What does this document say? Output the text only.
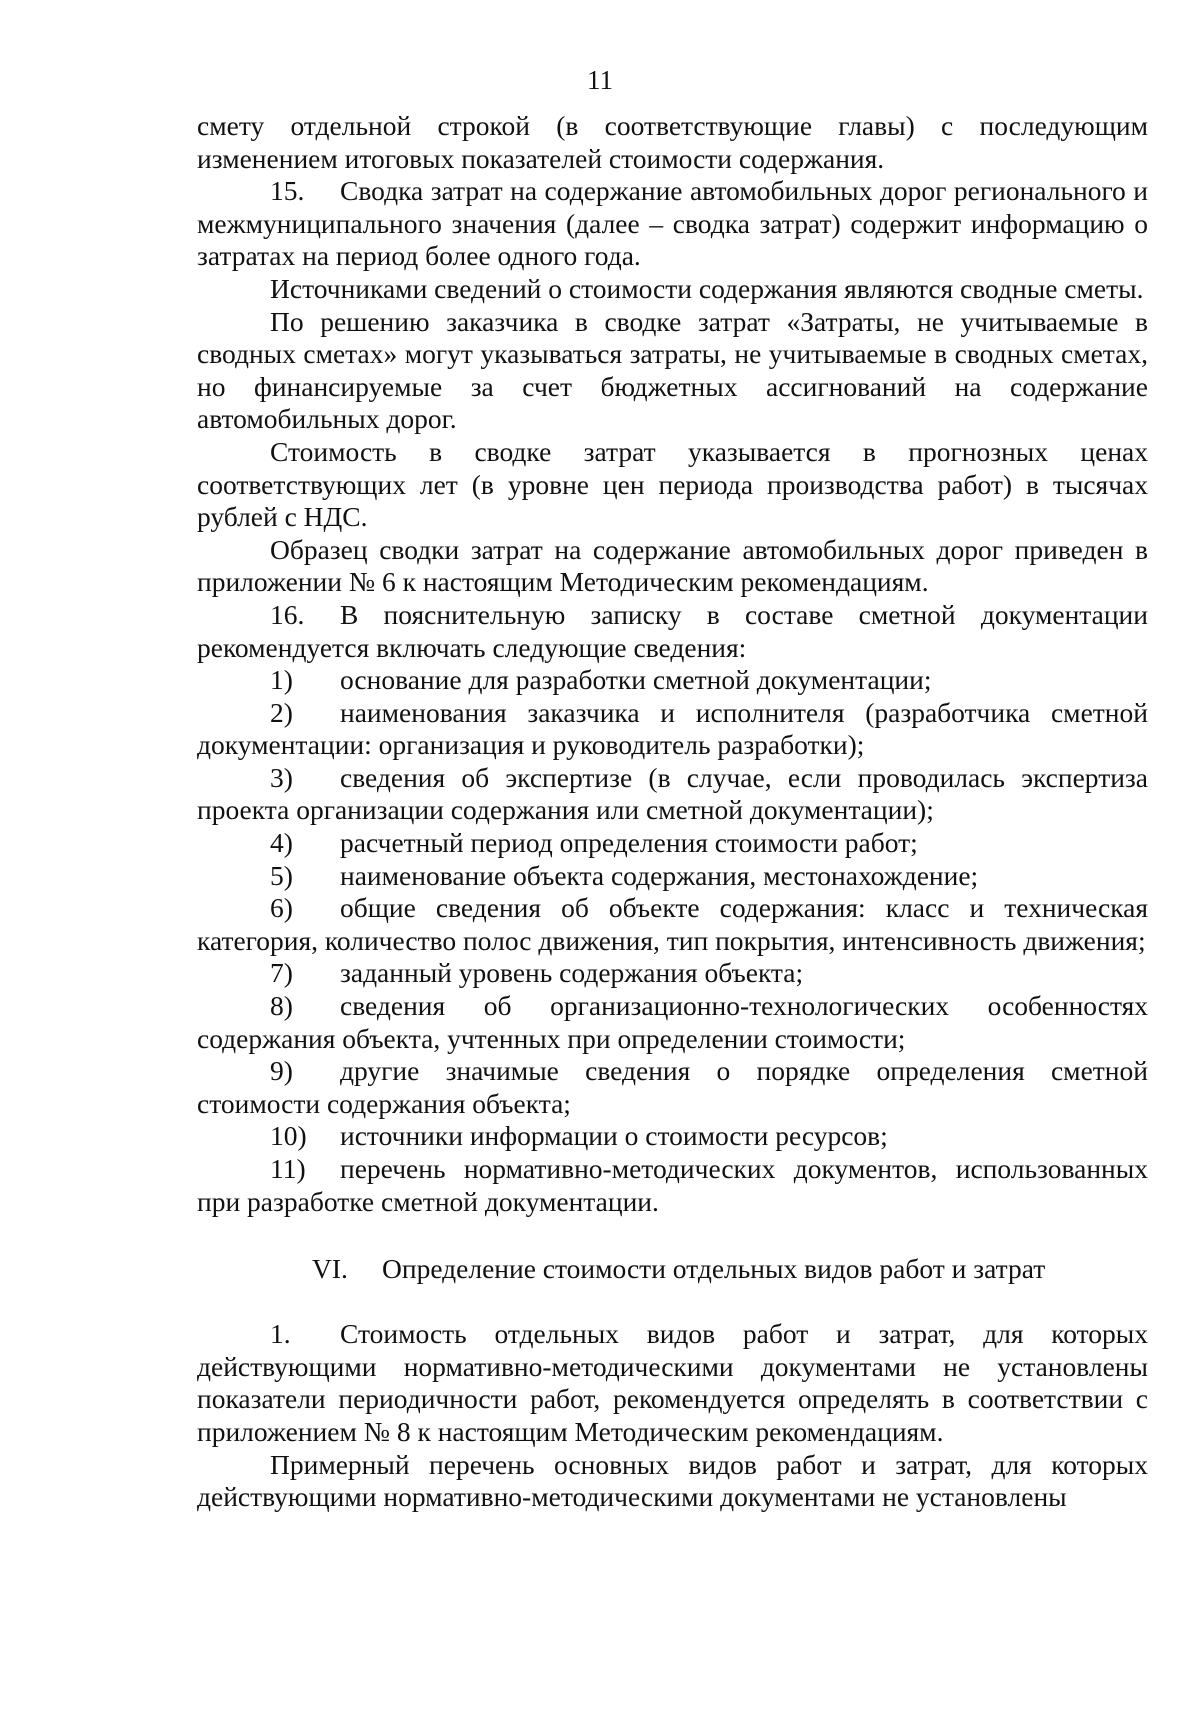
11

смету отдельной строкой (в соответствующие главы) с последующим изменением итоговых показателей стоимости содержания.

15. Сводка затрат на содержание автомобильных дорог регионального и межмуниципального значения (далее – сводка затрат) содержит информацию о затратах на период более одного года.

Источниками сведений о стоимости содержания являются сводные сметы.

По решению заказчика в сводке затрат «Затраты, не учитываемые в сводных сметах» могут указываться затраты, не учитываемые в сводных сметах, но финансируемые за счет бюджетных ассигнований на содержание автомобильных дорог.

Стоимость в сводке затрат указывается в прогнозных ценах соответствующих лет (в уровне цен периода производства работ) в тысячах рублей с НДС.

Образец сводки затрат на содержание автомобильных дорог приведен в приложении № 6 к настоящим Методическим рекомендациям.

16. В пояснительную записку в составе сметной документации рекомендуется включать следующие сведения:

1) основание для разработки сметной документации;

2) наименования заказчика и исполнителя (разработчика сметной документации: организация и руководитель разработки);

3) сведения об экспертизе (в случае, если проводилась экспертиза проекта организации содержания или сметной документации);

4) расчетный период определения стоимости работ;

5) наименование объекта содержания, местонахождение;

6) общие сведения об объекте содержания: класс и техническая категория, количество полос движения, тип покрытия, интенсивность движения;

7) заданный уровень содержания объекта;

8) сведения об организационно-технологических особенностях содержания объекта, учтенных при определении стоимости;

9) другие значимые сведения о порядке определения сметной стоимости содержания объекта;

10) источники информации о стоимости ресурсов;

11) перечень нормативно-методических документов, использованных при разработке сметной документации.

VI. Определение стоимости отдельных видов работ и затрат

1. Стоимость отдельных видов работ и затрат, для которых действующими нормативно-методическими документами не установлены показатели периодичности работ, рекомендуется определять в соответствии с приложением № 8 к настоящим Методическим рекомендациям.

Примерный перечень основных видов работ и затрат, для которых действующими нормативно-методическими документами не установлены
